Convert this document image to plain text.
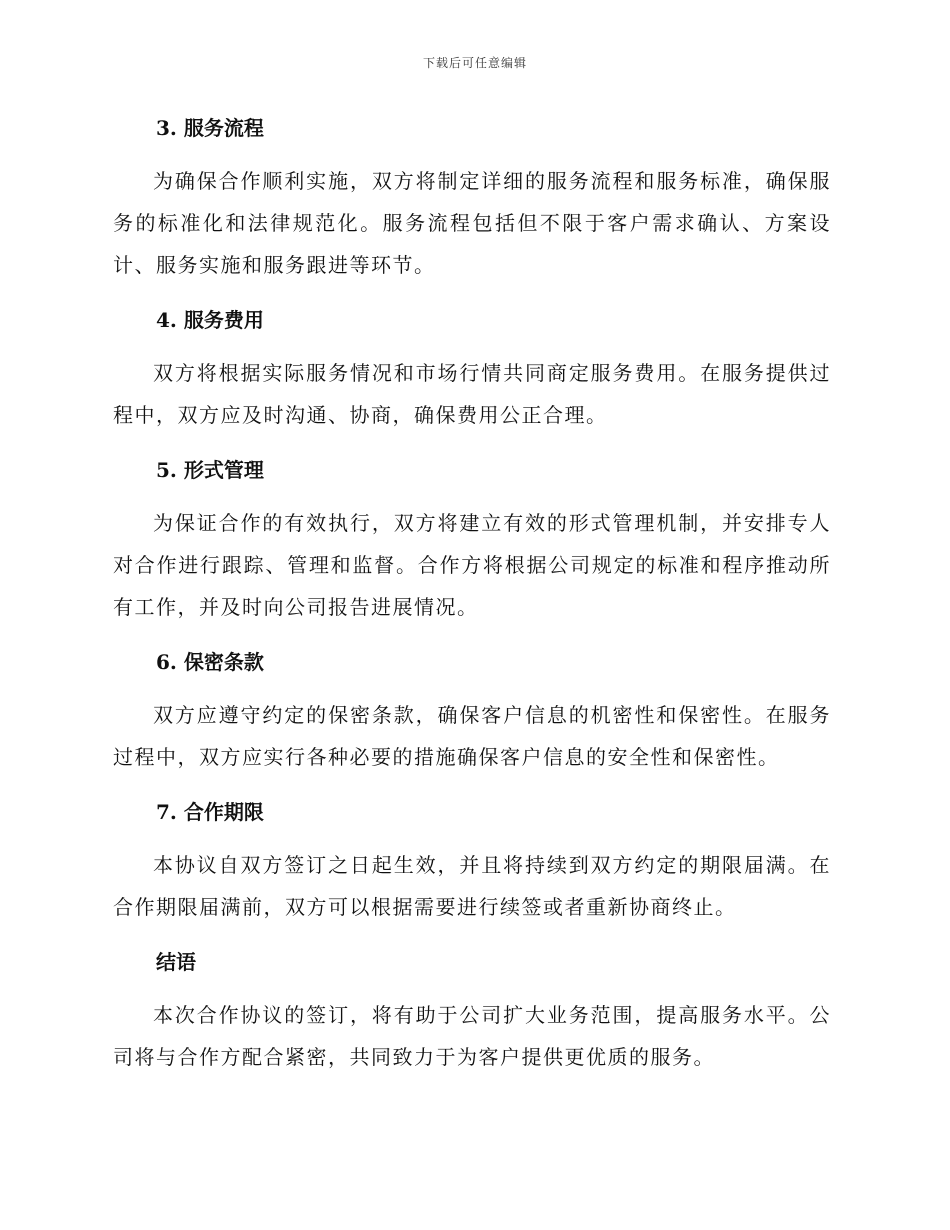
下载后可任意编辑
3. 服务流程

为确保合作顺利实施，双方将制定详细的服务流程和服务标准，确保服务的标准化和法律规范化。服务流程包括但不限于客户需求确认、方案设计、服务实施和服务跟进等环节。

4. 服务费用

双方将根据实际服务情况和市场行情共同商定服务费用。在服务提供过程中，双方应及时沟通、协商，确保费用公正合理。

5. 形式管理

为保证合作的有效执行，双方将建立有效的形式管理机制，并安排专人对合作进行跟踪、管理和监督。合作方将根据公司规定的标准和程序推动所有工作，并及时向公司报告进展情况。

6. 保密条款

双方应遵守约定的保密条款，确保客户信息的机密性和保密性。在服务过程中，双方应实行各种必要的措施确保客户信息的安全性和保密性。

7. 合作期限

本协议自双方签订之日起生效，并且将持续到双方约定的期限届满。在合作期限届满前，双方可以根据需要进行续签或者重新协商终止。

结语

本次合作协议的签订，将有助于公司扩大业务范围，提高服务水平。公司将与合作方配合紧密，共同致力于为客户提供更优质的服务。
